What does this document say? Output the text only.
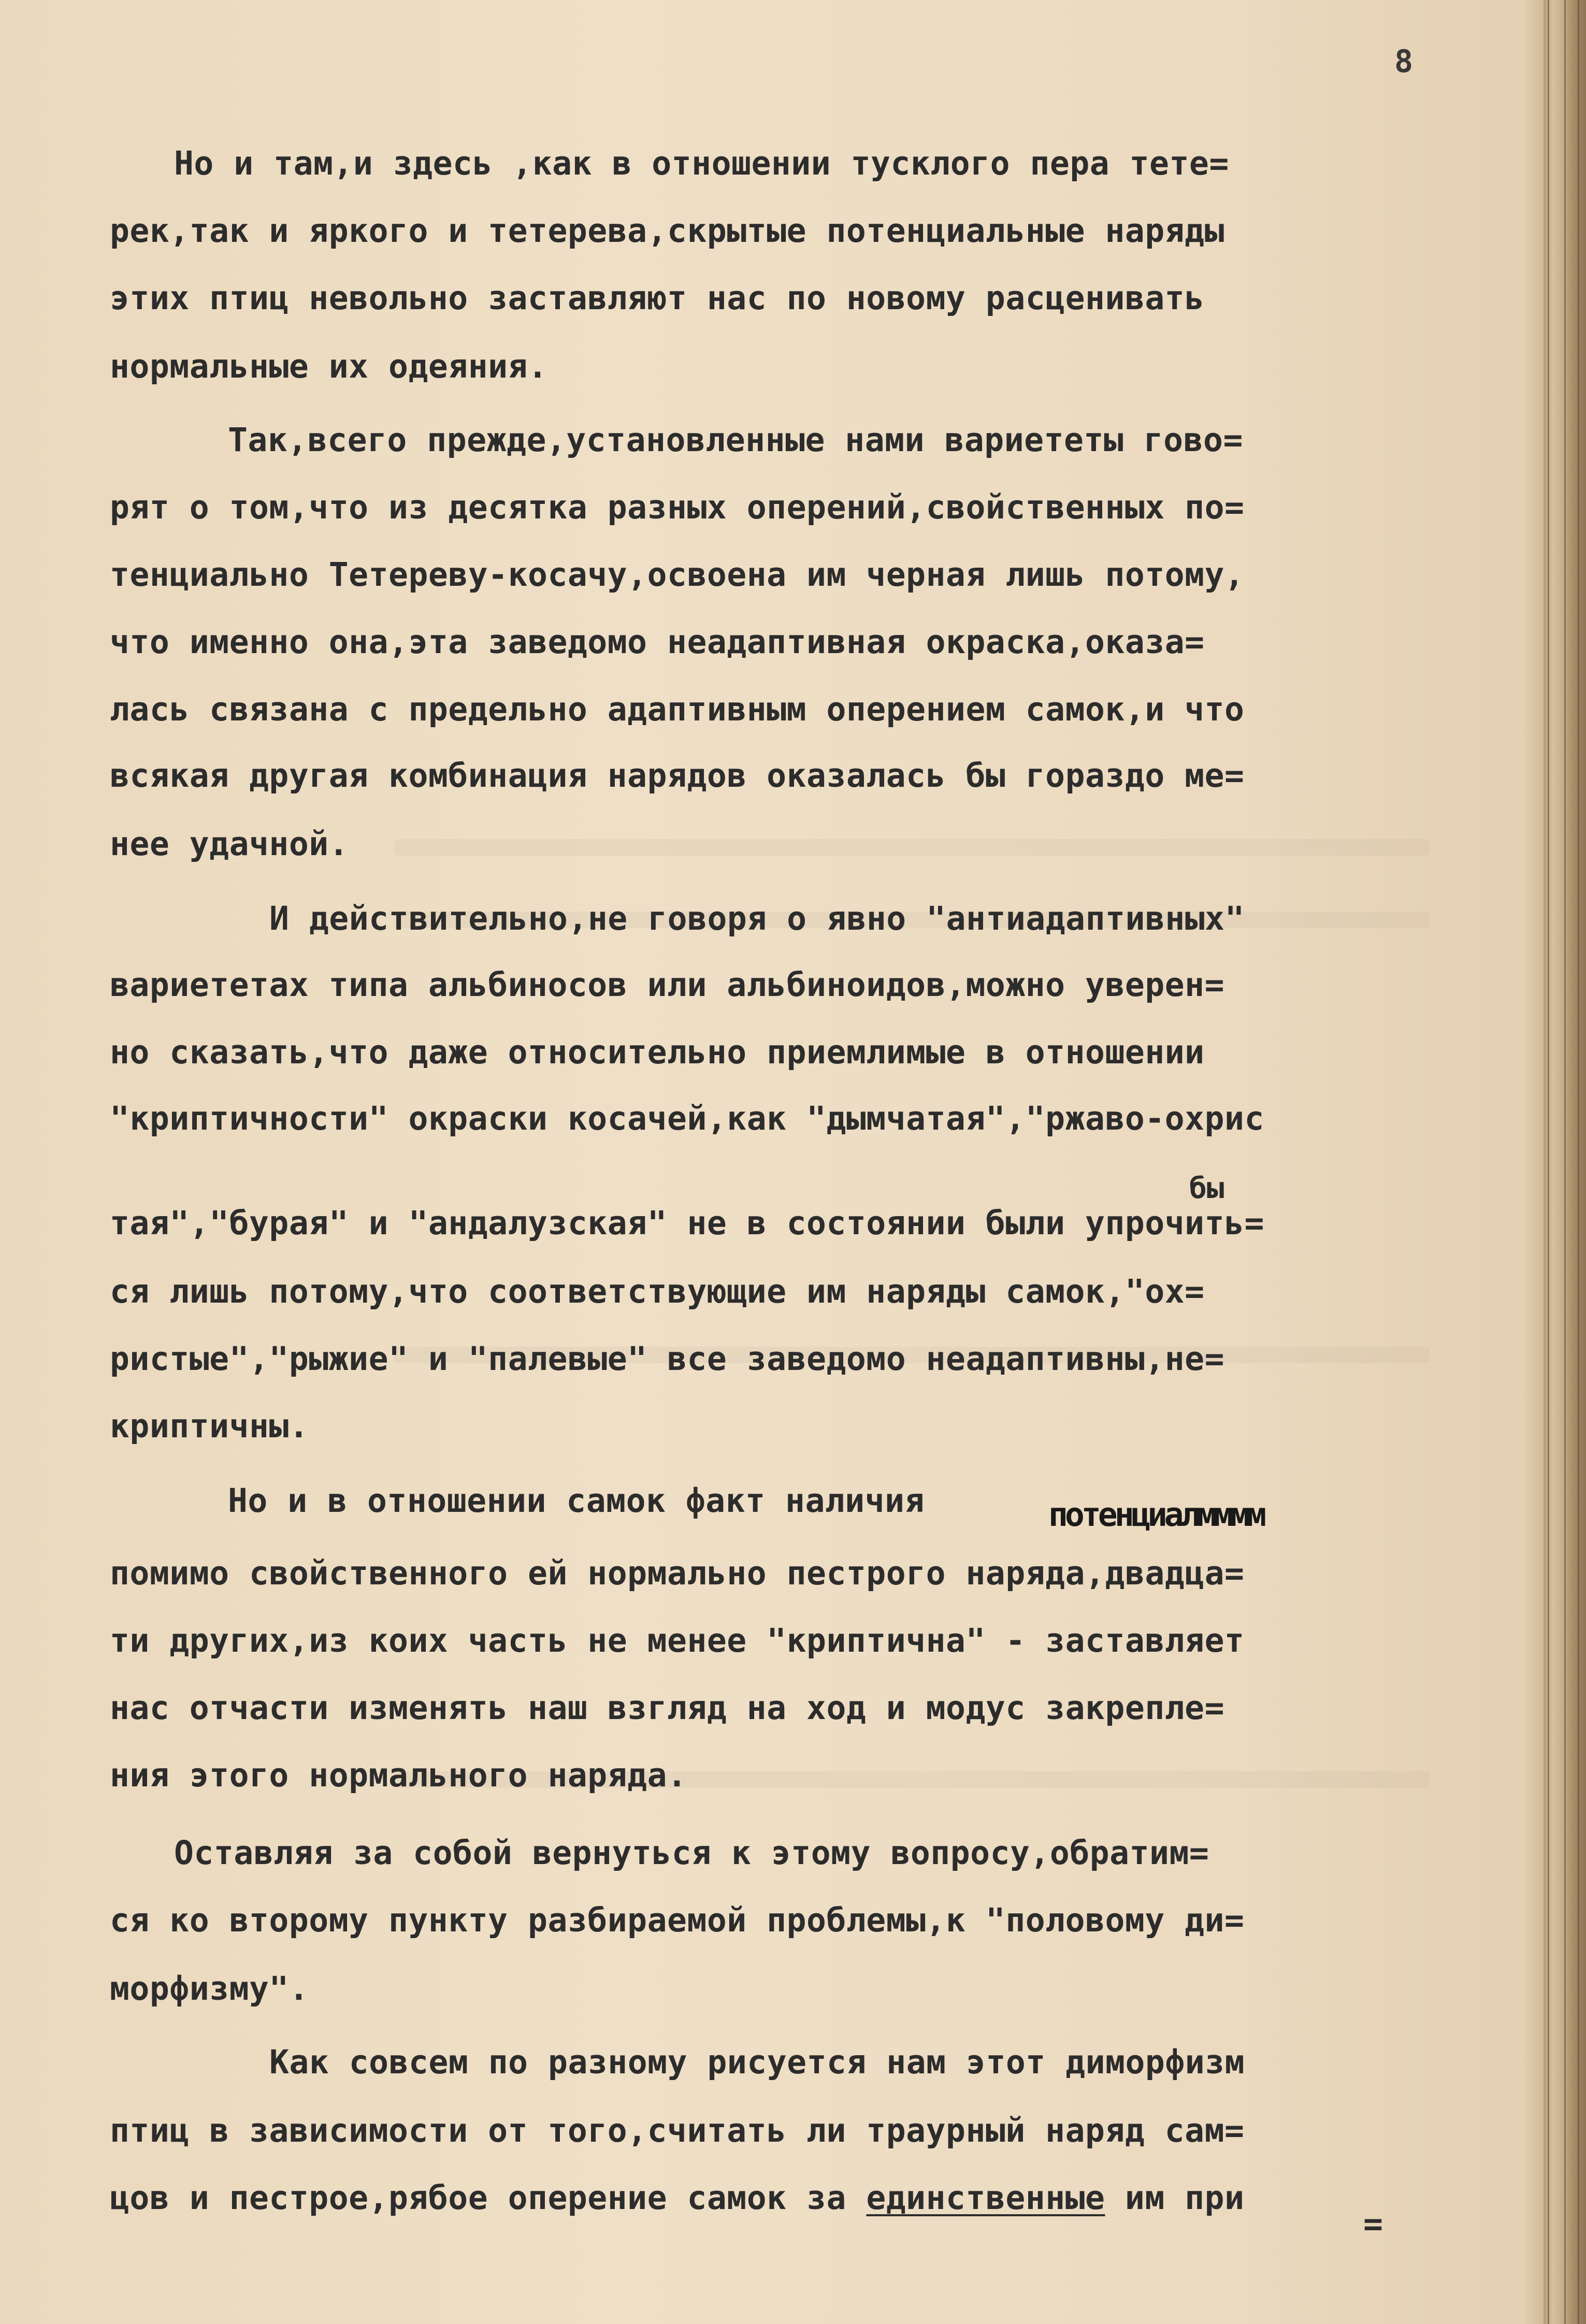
8
Но и там,и здесь ,как в отношении тусклого пера тете=
рек,так и яркого и тетерева,скрытые потенциальные наряды
этих птиц невольно заставляют нас по новому расценивать
нормальные их одеяния.
Так,всего прежде,установленные нами вариететы гово=
рят о том,что из десятка разных оперений,свойственных по=
тенциально Тетереву-косачу,освоена им черная лишь потому,
что именно она,эта заведомо неадаптивная окраска,оказа=
лась связана с предельно адаптивным оперением самок,и что
всякая другая комбинация нарядов оказалась бы гораздо ме=
нее удачной.
И действительно,не говоря о явно "антиадаптивных"
вариететах типа альбиносов или альбиноидов,можно уверен=
но сказать,что даже относительно приемлимые в отношении
"криптичности" окраски косачей,как "дымчатая","ржаво-охрис
бы
тая","бурая" и "андалузская" не в состоянии были упрочить=
ся лишь потому,что соответствующие им наряды самок,"ох=
ристые","рыжие" и "палевые" все заведомо неадаптивны,не=
криптичны.
Но и в отношении самок факт наличия	потенциалмммм
помимо свойственного ей нормально пестрого наряда,двадца=
ти других,из коих часть не менее "криптична" - заставляет
нас отчасти изменять наш взгляд на ход и модус закрепле=
ния этого нормального наряда.
Оставляя за собой вернуться к этому вопросу,обратим=
ся ко второму пункту разбираемой проблемы,к "половому ди=
морфизму".
Как совсем по разному рисуется нам этот диморфизм
птиц в зависимости от того,считать ли траурный наряд сам=
цов и пестрое,рябое оперение самок за единственные им при
=
